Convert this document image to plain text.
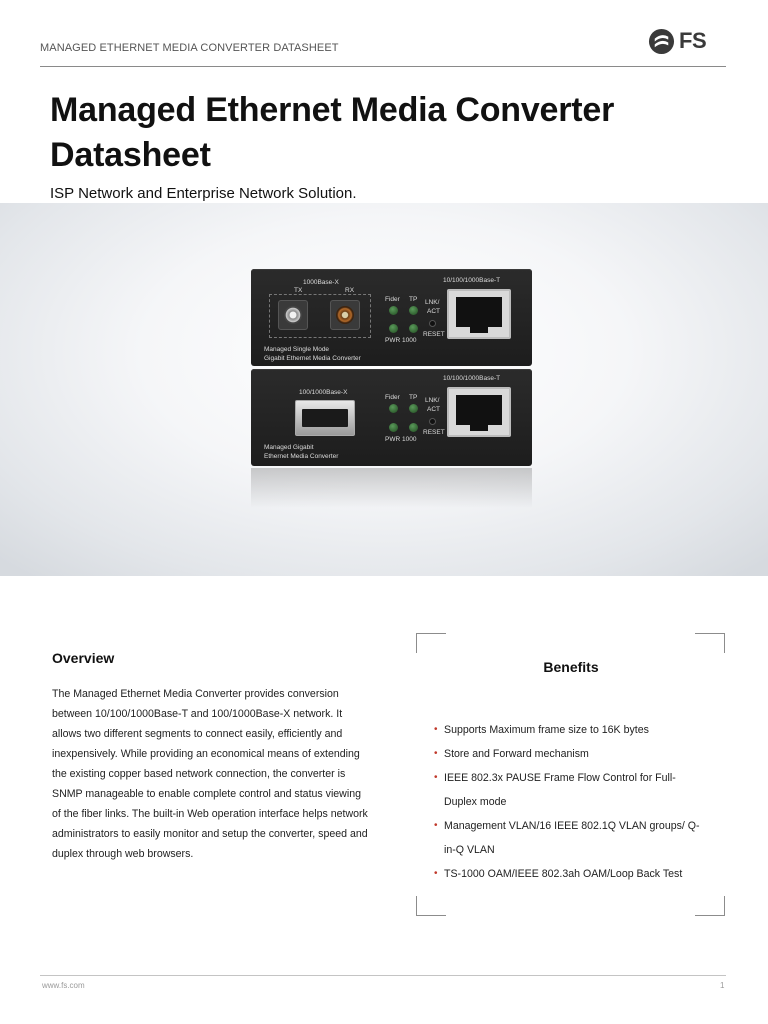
MANAGED ETHERNET MEDIA CONVERTER DATASHEET	FS
Managed Ethernet Media Converter Datasheet
ISP Network and Enterprise Network Solution.
1000Base-X
TX	RX
Fider TP LNK/
ACT
RESET
PWR 1000
10/100/1000Base-T
Managed Single Mode
Gigabit Ethernet Media Converter
100/1000Base-X
Fider TP LNK/
ACT
RESET
PWR 1000
10/100/1000Base-T
Managed Gigabit
Ethernet Media Converter
Overview

The Managed Ethernet Media Converter provides conversion between 10/100/1000Base-T and 100/1000Base-X network. It allows two different segments to connect easily, efficiently and inexpensively. While providing an economical means of extending the existing copper based network connection, the converter is SNMP manageable to enable complete control and status viewing of the fiber links. The built-in Web operation interface helps network administrators to easily monitor and setup the converter, speed and duplex through web browsers.

Benefits
• Supports Maximum frame size to 16K bytes
• Store and Forward mechanism
• IEEE 802.3x PAUSE Frame Flow Control for Full-Duplex mode
• Management VLAN/16 IEEE 802.1Q VLAN groups/ Q-in-Q VLAN
• TS-1000 OAM/IEEE 802.3ah OAM/Loop Back Test
www.fs.com	1
